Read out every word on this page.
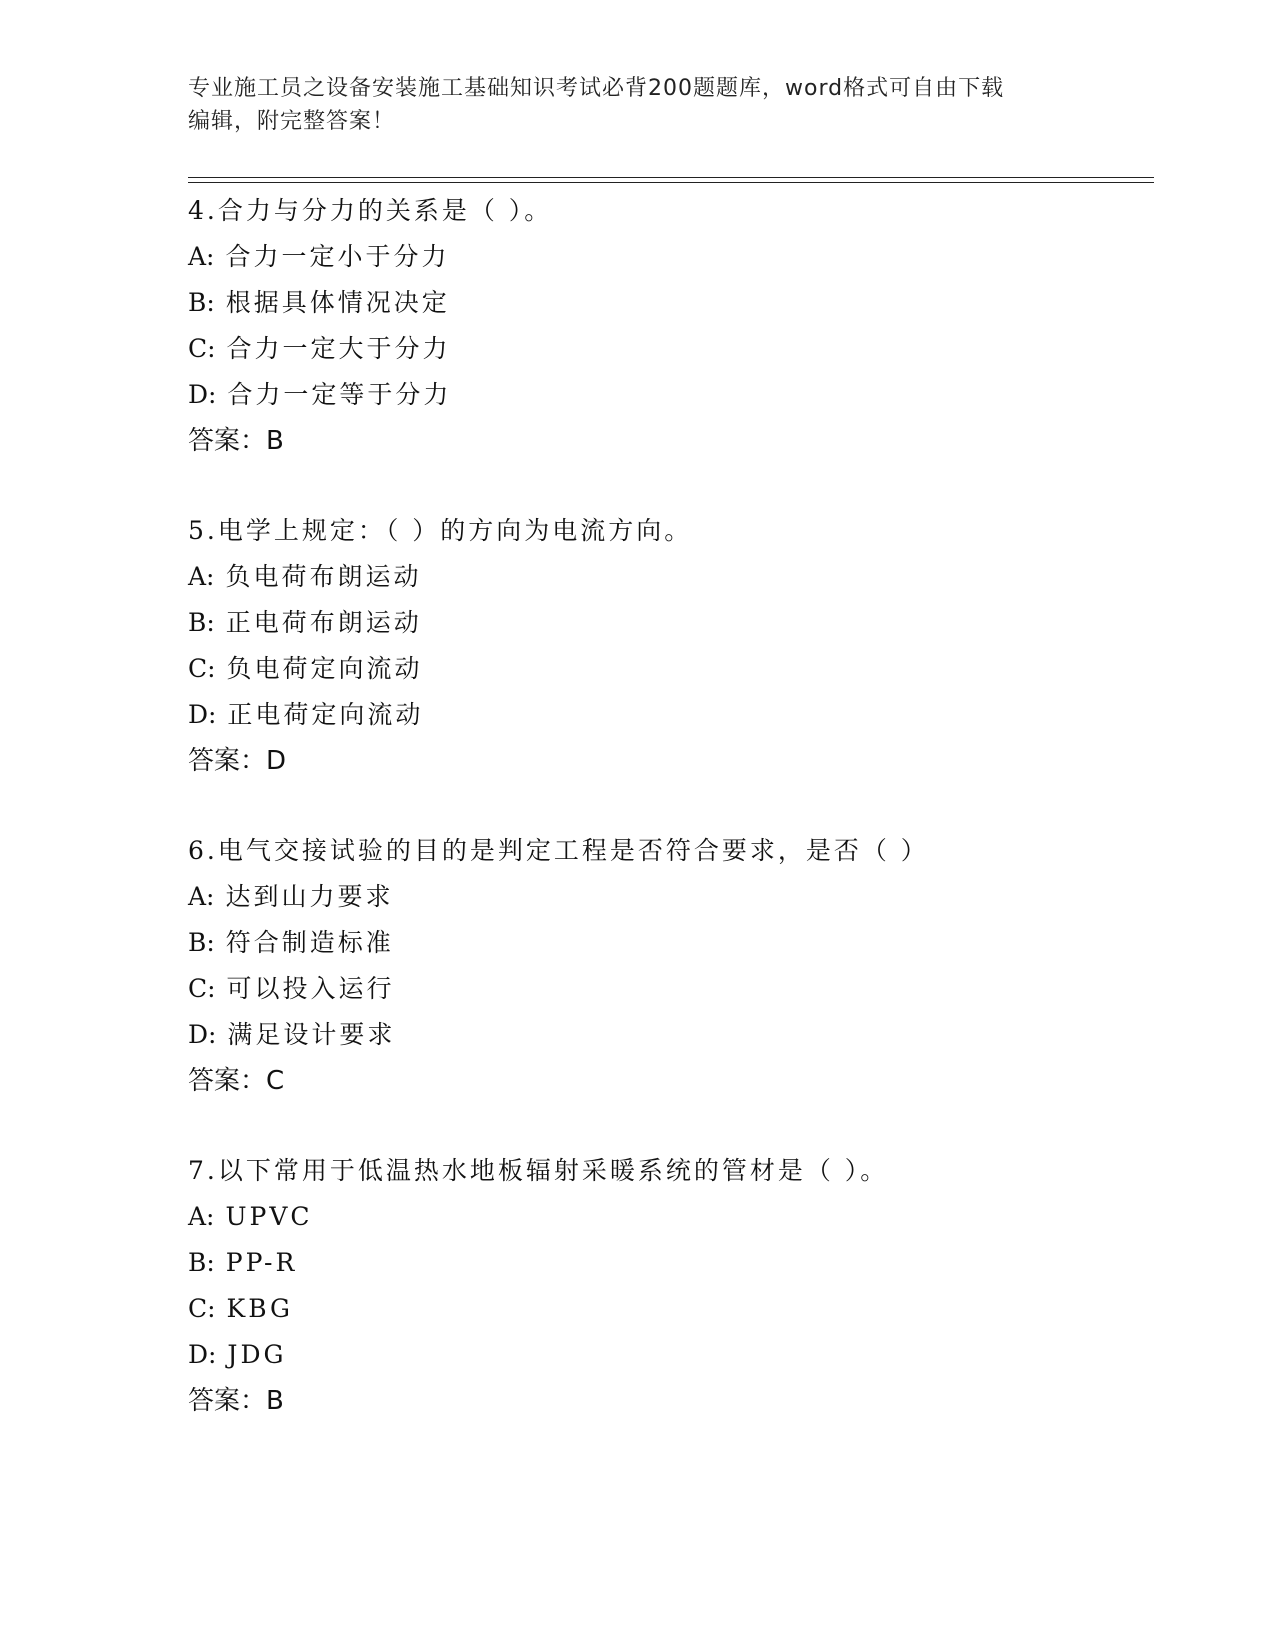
专业施工员之设备安装施工基础知识考试必背200题题库，word格式可自由下载
编辑，附完整答案！
4.合力与分力的关系是（ ）。
A: 合力一定小于分力
B: 根据具体情况决定
C: 合力一定大于分力
D: 合力一定等于分力
答案：B
5.电学上规定：（ ）的方向为电流方向。
A: 负电荷布朗运动
B: 正电荷布朗运动
C: 负电荷定向流动
D: 正电荷定向流动
答案：D
6.电气交接试验的目的是判定工程是否符合要求，是否（ ）
A: 达到山力要求
B: 符合制造标准
C: 可以投入运行
D: 满足设计要求
答案：C
7.以下常用于低温热水地板辐射采暖系统的管材是（ ）。
A: UPVC
B: PP-R
C: KBG
D: JDG
答案：B
